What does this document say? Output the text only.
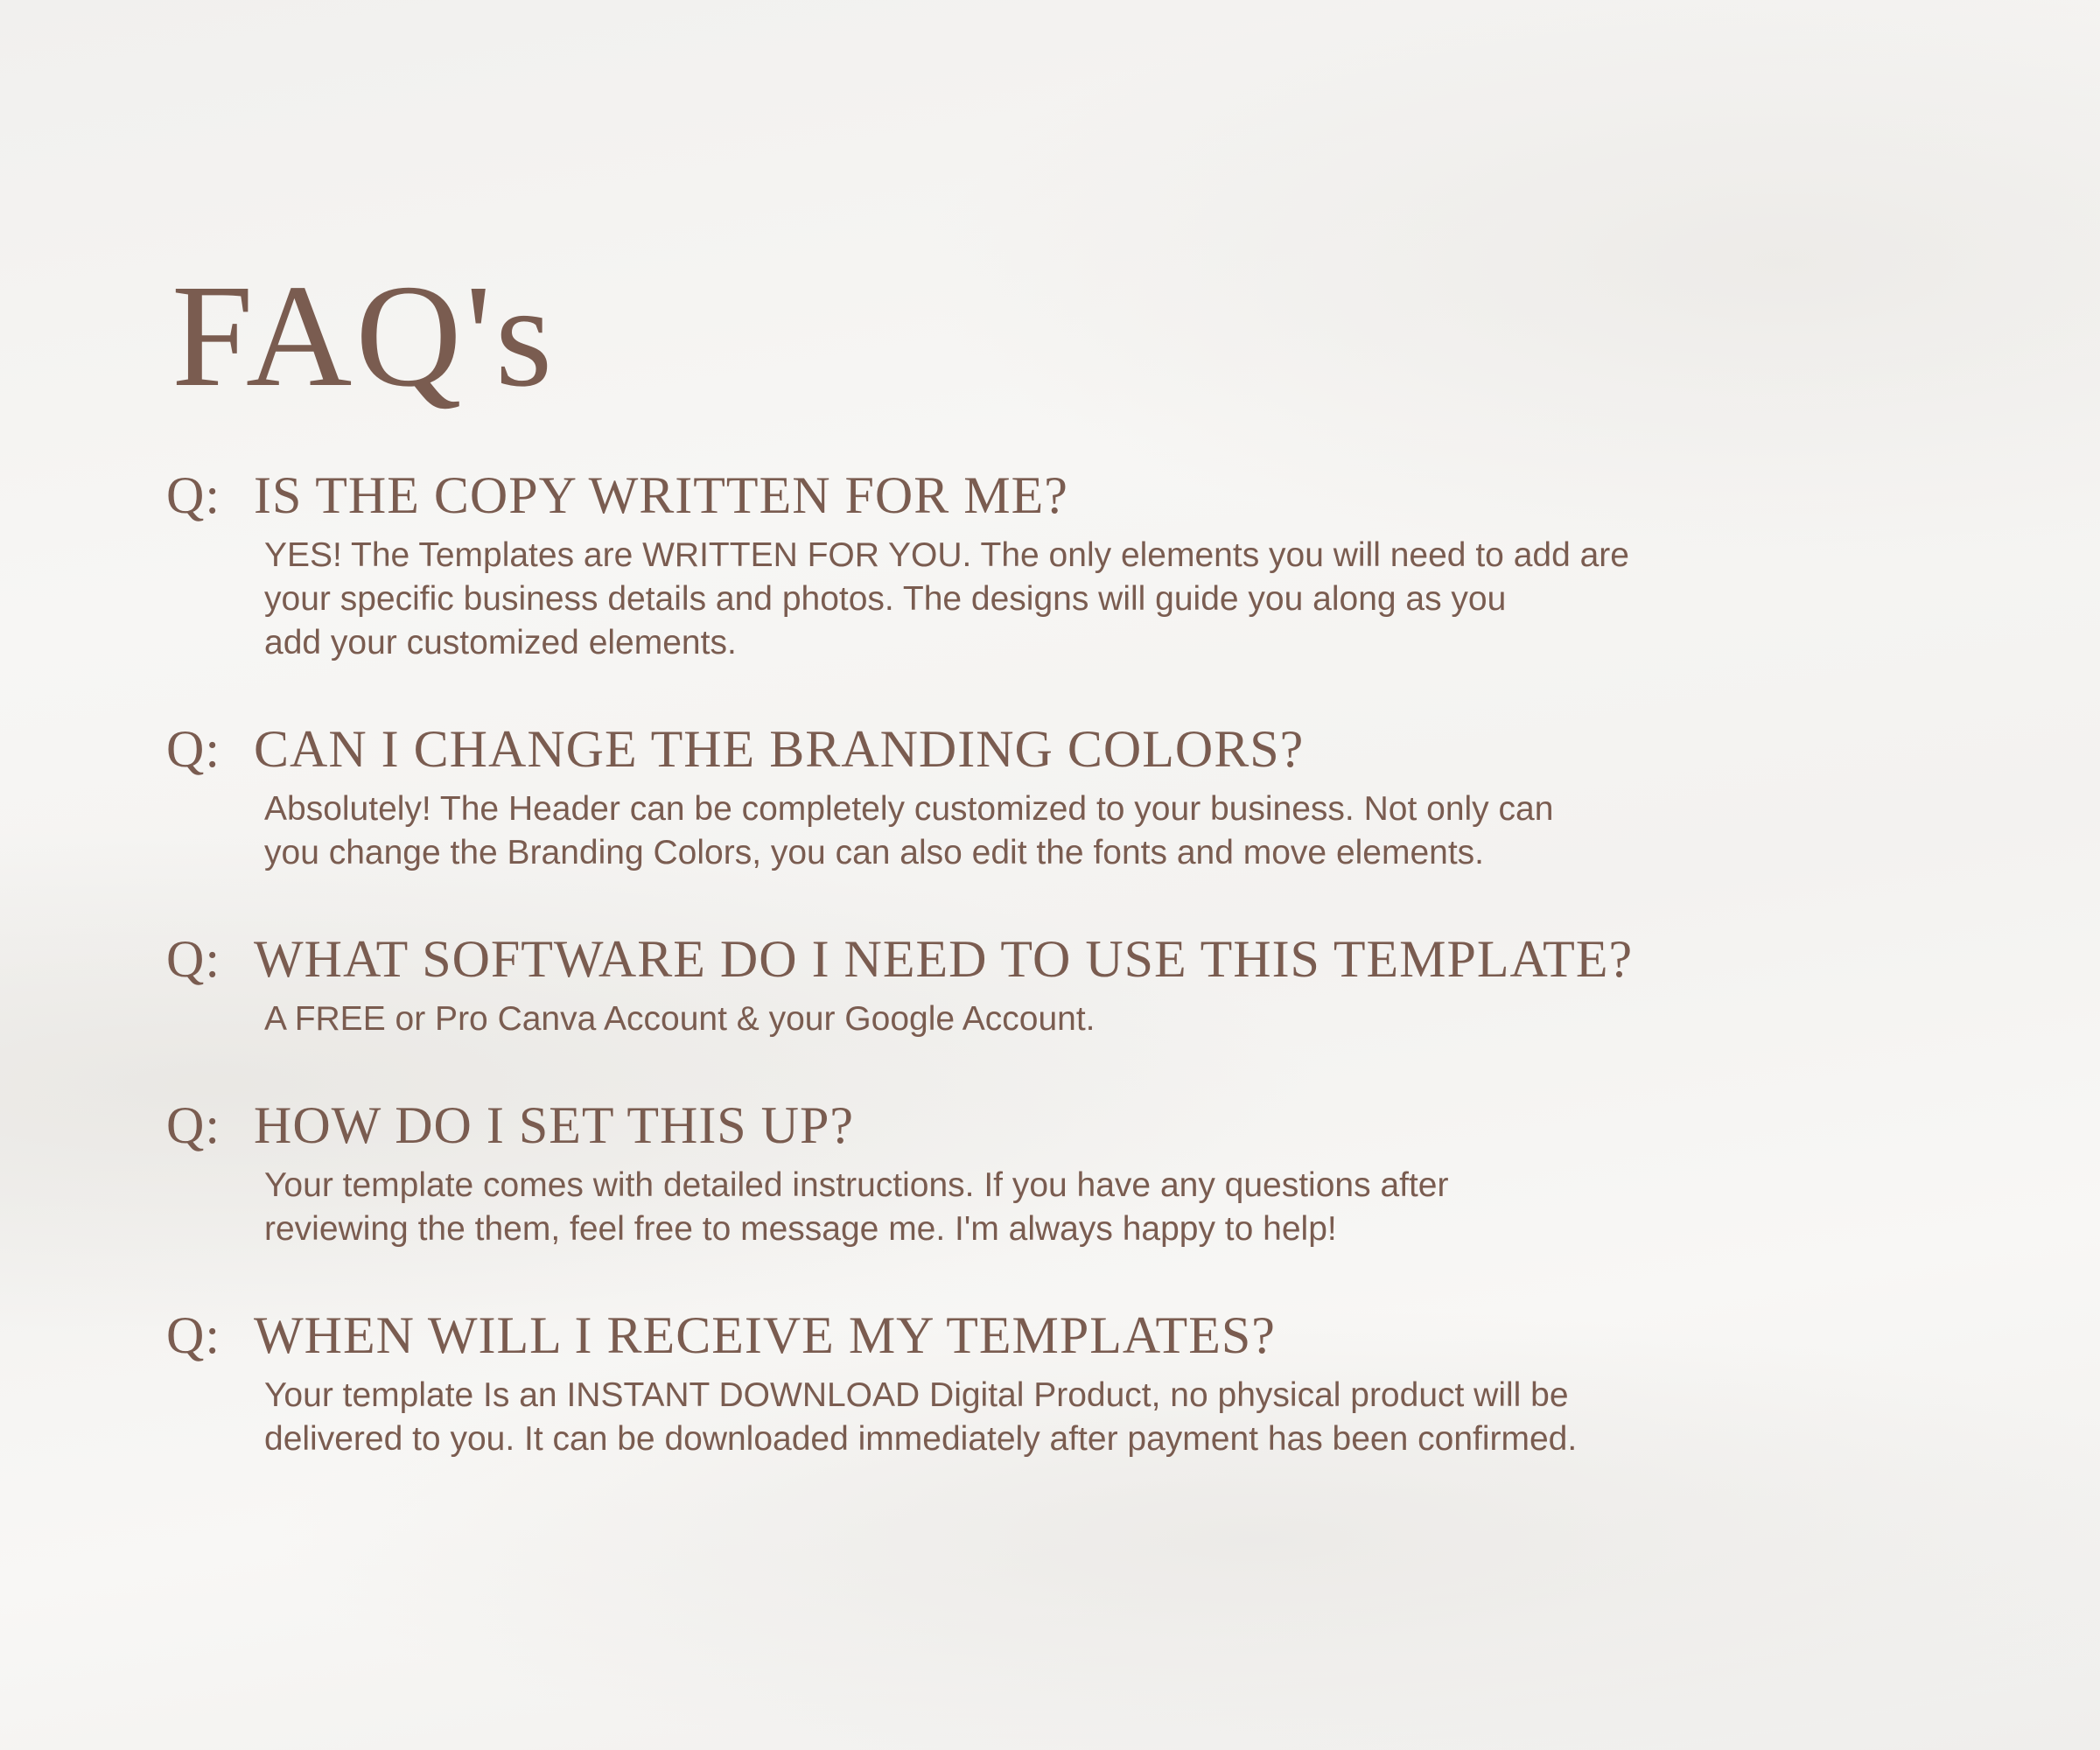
FAQ's
Q: IS THE COPY WRITTEN FOR ME?

YES! The Templates are WRITTEN FOR YOU. The only elements you will need to add are
your specific business details and photos. The designs will guide you along as you
add your customized elements.

Q: CAN I CHANGE THE BRANDING COLORS?

Absolutely! The Header can be completely customized to your business. Not only can
you change the Branding Colors, you can also edit the fonts and move elements.

Q: WHAT SOFTWARE DO I NEED TO USE THIS TEMPLATE?

A FREE or Pro Canva Account & your Google Account.

Q: HOW DO I SET THIS UP?

Your template comes with detailed instructions. If you have any questions after
reviewing the them, feel free to message me. I'm always happy to help!

Q: WHEN WILL I RECEIVE MY TEMPLATES?

Your template Is an INSTANT DOWNLOAD Digital Product, no physical product will be
delivered to you. It can be downloaded immediately after payment has been confirmed.
